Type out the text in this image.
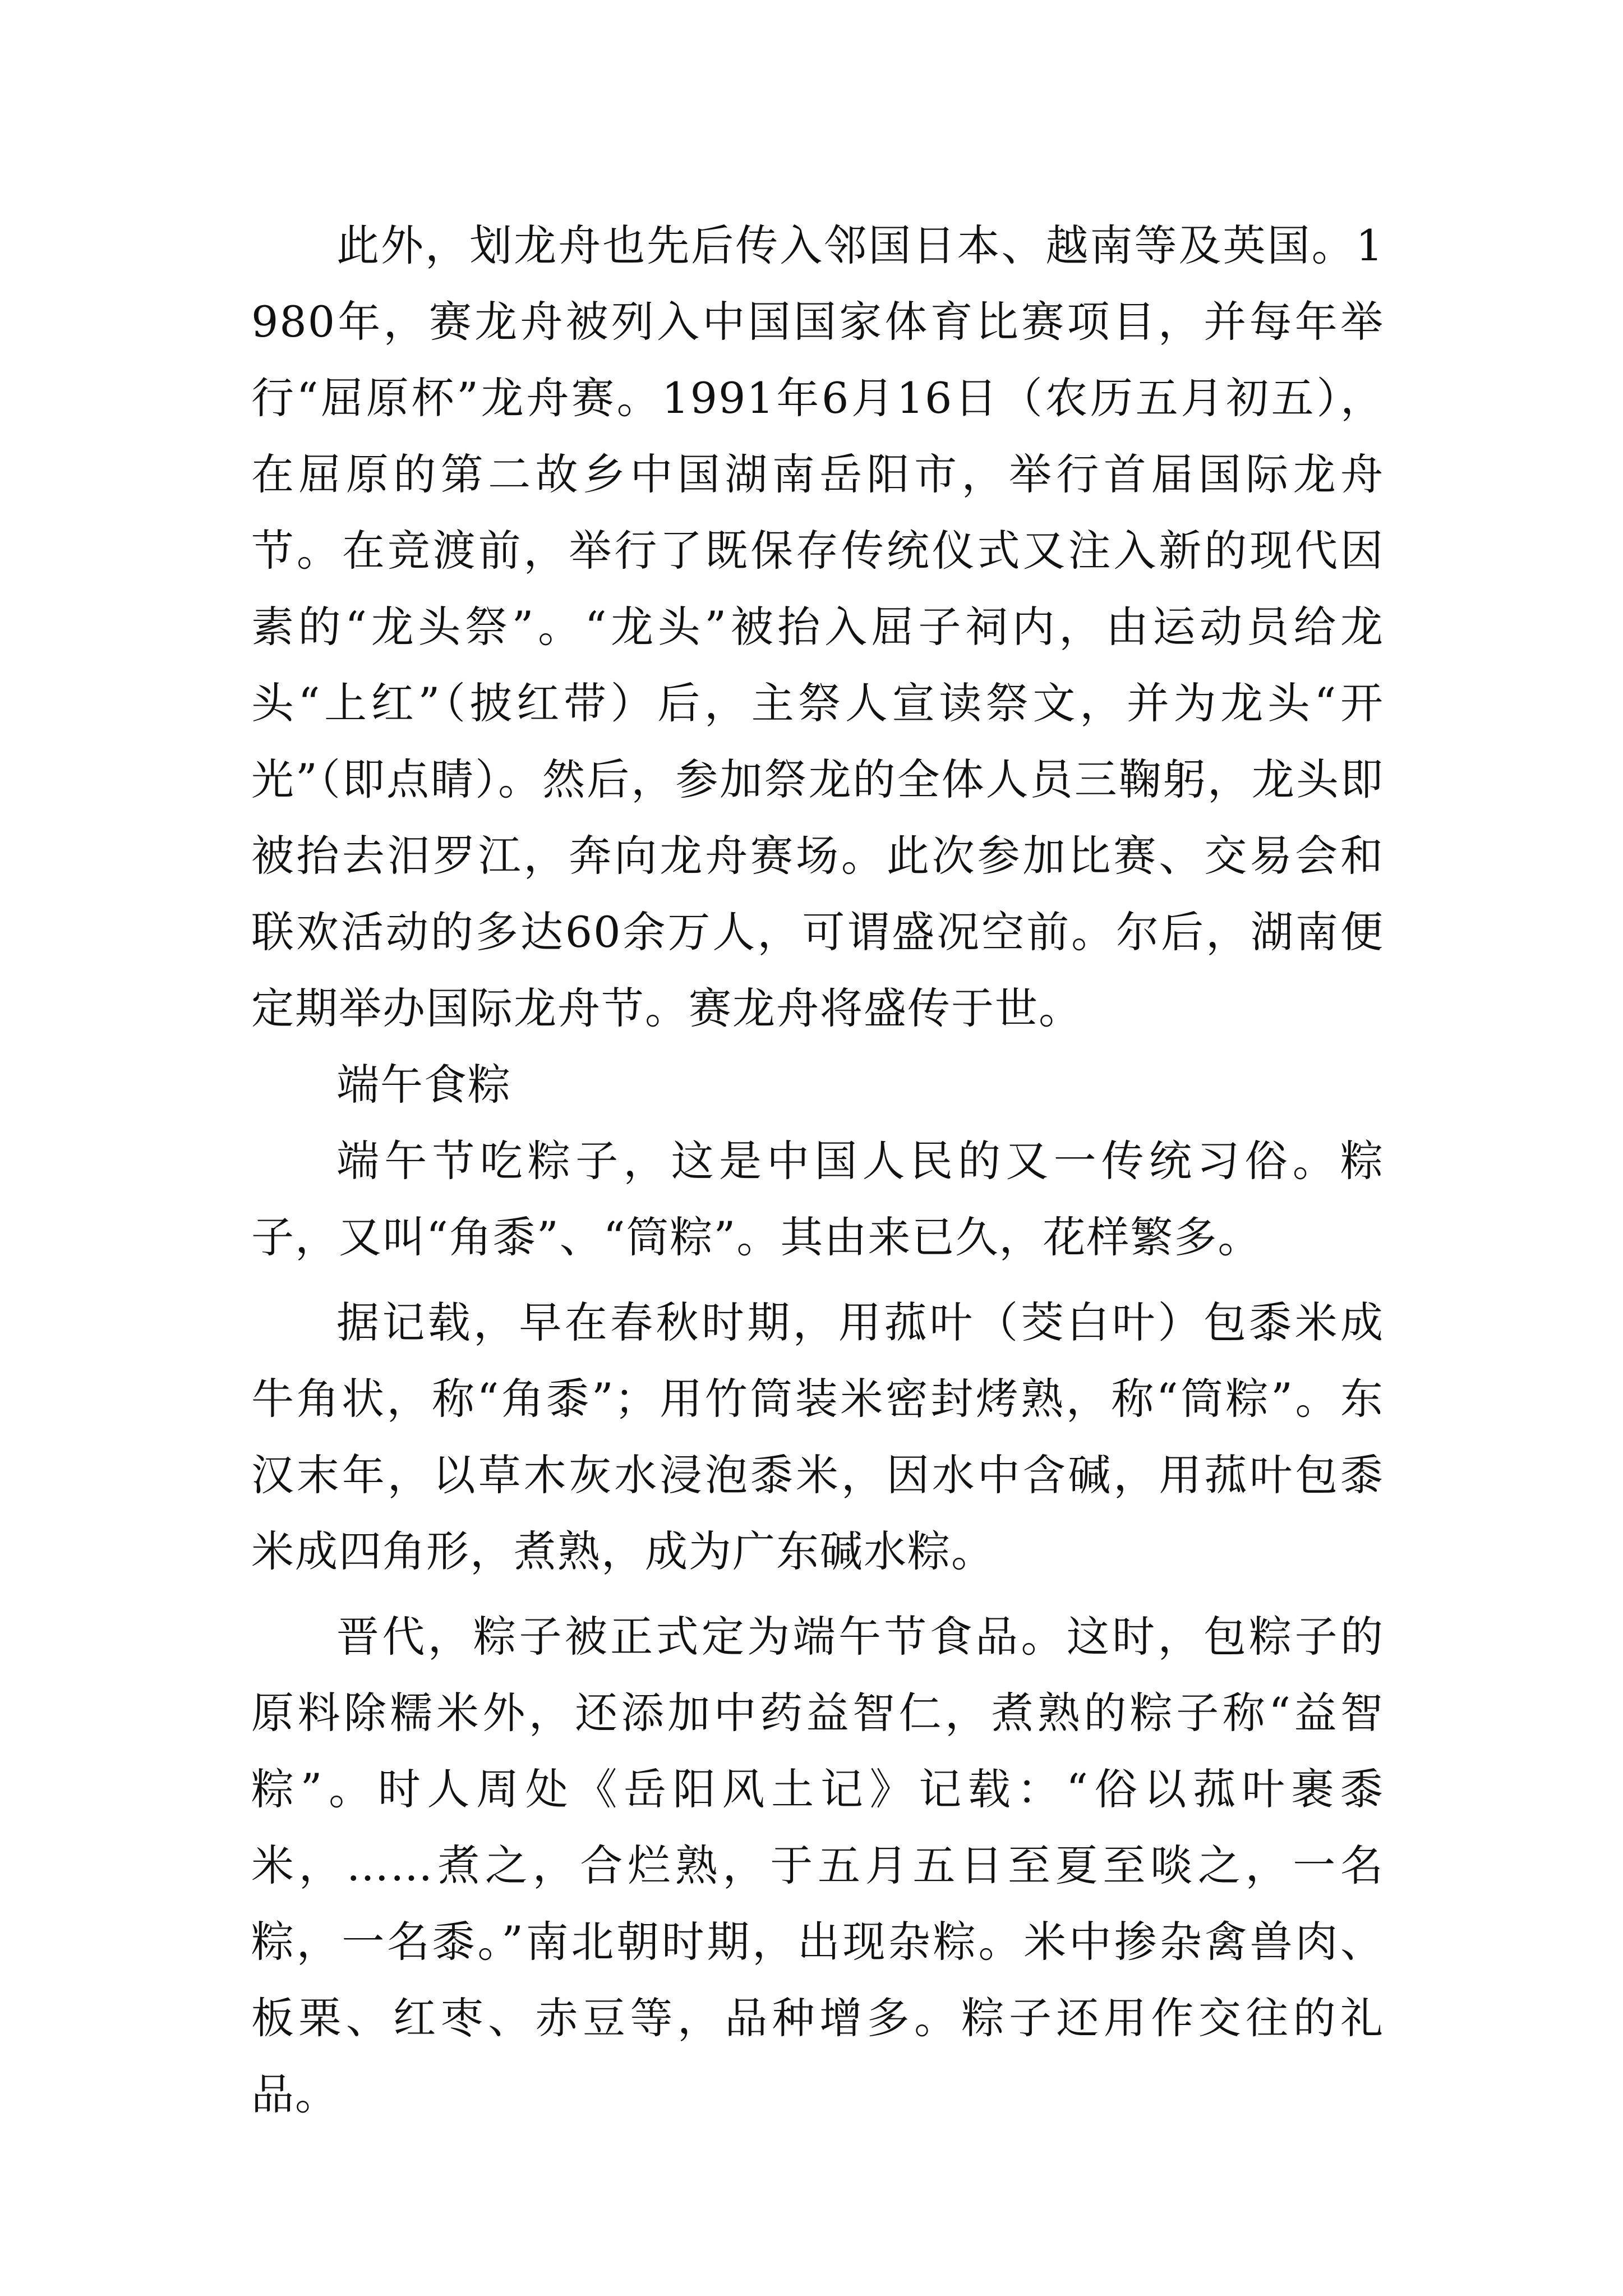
此外，划龙舟也先后传入邻国日本、越南等及英国。1980年，赛龙舟被列入中国国家体育比赛项目，并每年举行“屈原杯”龙舟赛。1991年6月16日（农历五月初五），在屈原的第二故乡中国湖南岳阳市，举行首届国际龙舟节。在竞渡前，举行了既保存传统仪式又注入新的现代因素的“龙头祭”。“龙头”被抬入屈子祠内，由运动员给龙头“上红”（披红带）后，主祭人宣读祭文，并为龙头“开光”（即点睛）。然后，参加祭龙的全体人员三鞠躬，龙头即被抬去汨罗江，奔向龙舟赛场。此次参加比赛、交易会和联欢活动的多达60余万人，可谓盛况空前。尔后，湖南便定期举办国际龙舟节。赛龙舟将盛传于世。

端午食粽

端午节吃粽子，这是中国人民的又一传统习俗。粽子，又叫“角黍”、“筒粽”。其由来已久，花样繁多。

据记载，早在春秋时期，用菰叶（茭白叶）包黍米成牛角状，称“角黍”；用竹筒装米密封烤熟，称“筒粽”。东汉末年，以草木灰水浸泡黍米，因水中含碱，用菰叶包黍米成四角形，煮熟，成为广东碱水粽。

晋代，粽子被正式定为端午节食品。这时，包粽子的原料除糯米外，还添加中药益智仁，煮熟的粽子称“益智粽”。时人周处《岳阳风土记》记载：“俗以菰叶裹黍米，……煮之，合烂熟，于五月五日至夏至啖之，一名粽，一名黍。”南北朝时期，出现杂粽。米中掺杂禽兽肉、板栗、红枣、赤豆等，品种增多。粽子还用作交往的礼品。
